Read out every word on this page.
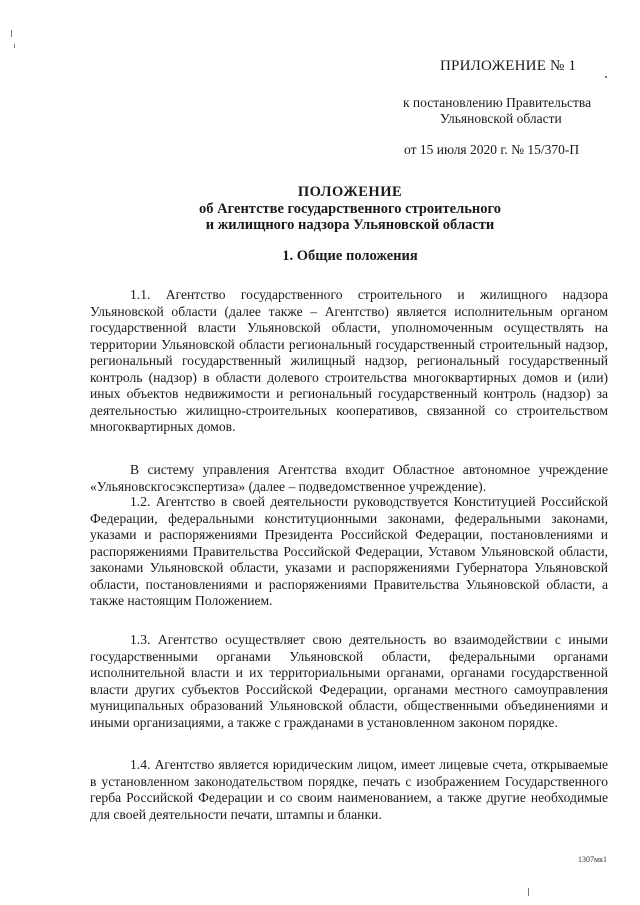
ПРИЛОЖЕНИЕ № 1
к постановлению Правительства
Ульяновской области
от 15 июля 2020 г. № 15/370-П
ПОЛОЖЕНИЕ
об Агентстве государственного строительного
и жилищного надзора Ульяновской области
1. Общие положения

1.1. Агентство государственного строительного и жилищного надзора Ульяновской области (далее также – Агентство) является исполнительным органом государственной власти Ульяновской области, уполномоченным осуществлять на территории Ульяновской области региональный государственный строительный надзор, региональный государственный жилищный надзор, региональный государственный контроль (надзор) в области долевого строительства многоквартирных домов и (или) иных объектов недвижимости и региональный государственный контроль (надзор) за деятельностью жилищно-строительных кооперативов, связанной со строительством многоквартирных домов.

В систему управления Агентства входит Областное автономное учреждение «Ульяновскгосэкспертиза» (далее – подведомственное учреждение).

1.2. Агентство в своей деятельности руководствуется Конституцией Российской Федерации, федеральными конституционными законами, федеральными законами, указами и распоряжениями Президента Российской Федерации, постановлениями и распоряжениями Правительства Российской Федерации, Уставом Ульяновской области, законами Ульяновской области, указами и распоряжениями Губернатора Ульяновской области, постановлениями и распоряжениями Правительства Ульяновской области, а также настоящим Положением.

1.3. Агентство осуществляет свою деятельность во взаимодействии с иными государственными органами Ульяновской области, федеральными органами исполнительной власти и их территориальными органами, органами государственной власти других субъектов Российской Федерации, органами местного самоуправления муниципальных образований Ульяновской области, общественными объединениями и иными организациями, а также с гражданами в установленном законом порядке.

1.4. Агентство является юридическим лицом, имеет лицевые счета, открываемые в установленном законодательством порядке, печать с изображением Государственного герба Российской Федерации и со своим наименованием, а также другие необходимые для своей деятельности печати, штампы и бланки.

1307мк1
